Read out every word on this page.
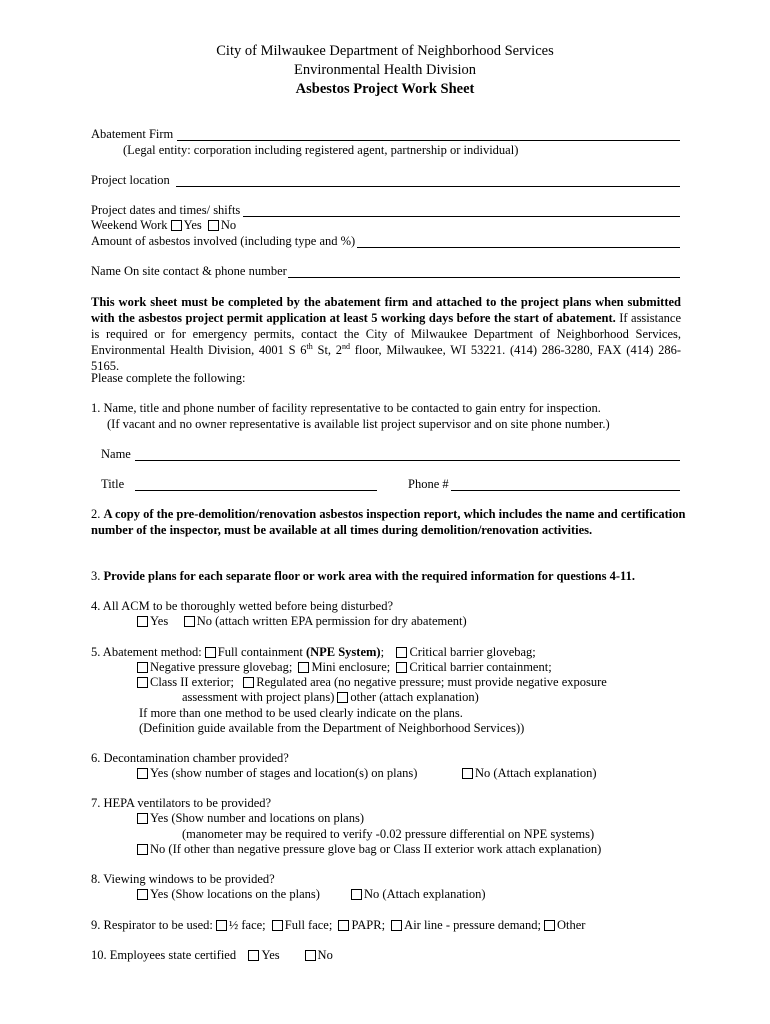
City of Milwaukee Department of Neighborhood Services
Environmental Health Division
Asbestos Project Work Sheet
Abatement Firm
(Legal entity: corporation including registered agent, partnership or individual)
Project location
Project dates and times/ shifts
Weekend Work Yes No
Amount of asbestos involved (including type and %)
Name On site contact & phone number
This work sheet must be completed by the abatement firm and attached to the project plans when submitted with the asbestos project permit application at least 5 working days before the start of abatement. If assistance is required or for emergency permits, contact the City of Milwaukee Department of Neighborhood Services, Environmental Health Division, 4001 S 6th St, 2nd floor, Milwaukee, WI 53221. (414) 286-3280, FAX (414) 286-5165.
Please complete the following:
1. Name, title and phone number of facility representative to be contacted to gain entry for inspection.
(If vacant and no owner representative is available list project supervisor and on site phone number.)
Name
Title	Phone #
2. A copy of the pre-demolition/renovation asbestos inspection report, which includes the name and certification
number of the inspector, must be available at all times during demolition/renovation activities.
3. Provide plans for each separate floor or work area with the required information for questions 4-11.
4. All ACM to be thoroughly wetted before being disturbed?
Yes No (attach written EPA permission for dry abatement)
5. Abatement method: Full containment (NPE System); Critical barrier glovebag;
Negative pressure glovebag; Mini enclosure; Critical barrier containment;
Class II exterior; Regulated area (no negative pressure; must provide negative exposure
assessment with project plans) other (attach explanation)
If more than one method to be used clearly indicate on the plans.
(Definition guide available from the Department of Neighborhood Services))
6. Decontamination chamber provided?
Yes (show number of stages and location(s) on plans)	No (Attach explanation)
7. HEPA ventilators to be provided?
Yes (Show number and locations on plans)
(manometer may be required to verify -0.02 pressure differential on NPE systems)
No (If other than negative pressure glove bag or Class II exterior work attach explanation)
8. Viewing windows to be provided?
Yes (Show locations on the plans)	No (Attach explanation)
9. Respirator to be used: ½ face; Full face; PAPR; Air line - pressure demand; Other
10. Employees state certified Yes	No
